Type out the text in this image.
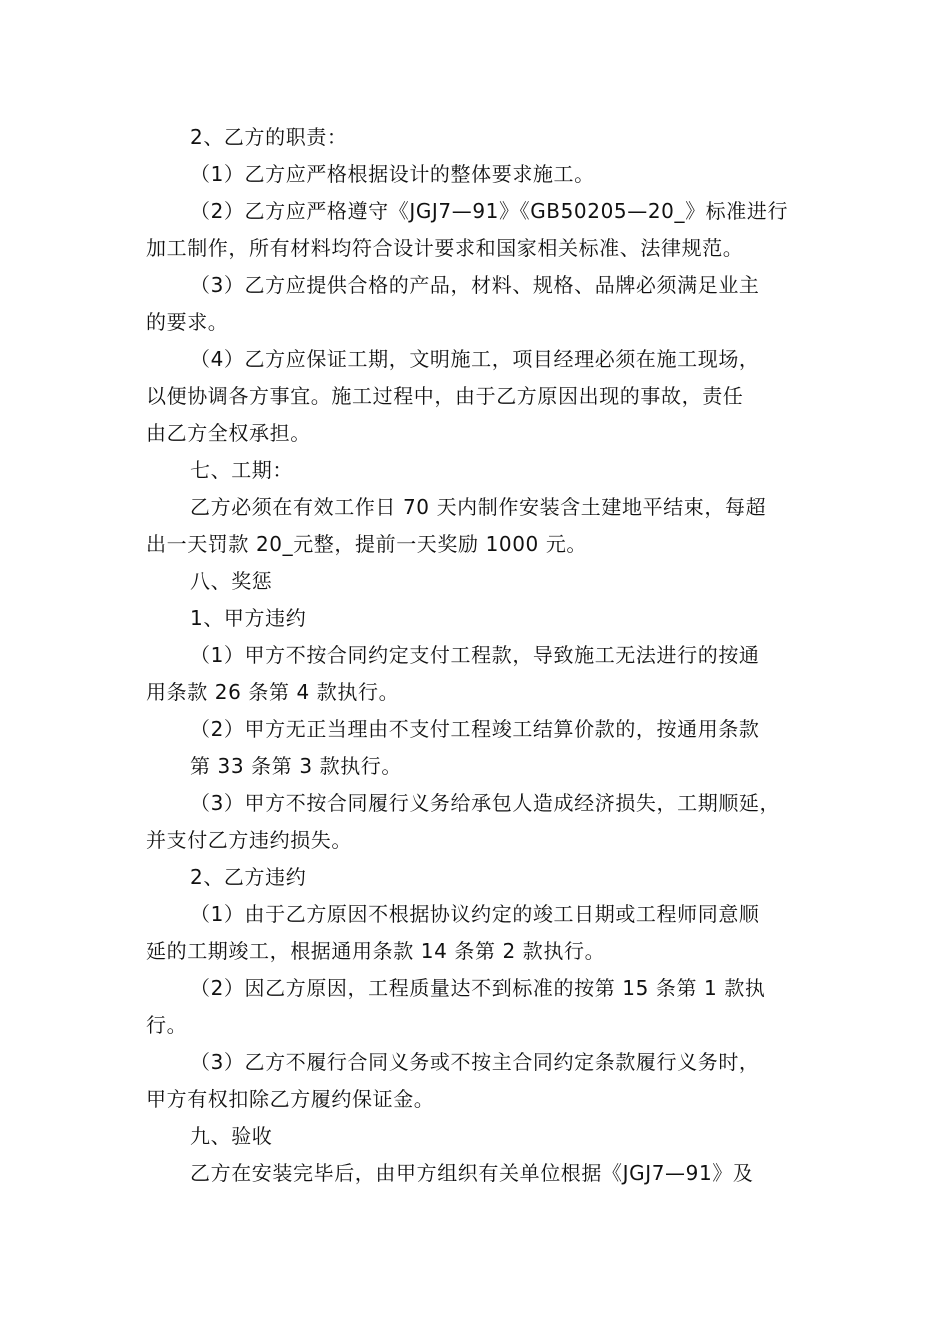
2、乙方的职责：
（1）乙方应严格根据设计的整体要求施工。
（2）乙方应严格遵守《JGJ7—91》《GB50205—20_》标准进行
加工制作，所有材料均符合设计要求和国家相关标准、法律规范。
（3）乙方应提供合格的产品，材料、规格、品牌必须满足业主
的要求。
（4）乙方应保证工期，文明施工，项目经理必须在施工现场，
以便协调各方事宜。施工过程中，由于乙方原因出现的事故，责任
由乙方全权承担。
七、工期：
乙方必须在有效工作日 70 天内制作安装含土建地平结束，每超
出一天罚款 20_元整，提前一天奖励 1000 元。
八、奖惩
1、甲方违约
（1）甲方不按合同约定支付工程款，导致施工无法进行的按通
用条款 26 条第 4 款执行。
（2）甲方无正当理由不支付工程竣工结算价款的，按通用条款
第 33 条第 3 款执行。
（3）甲方不按合同履行义务给承包人造成经济损失，工期顺延，
并支付乙方违约损失。
2、乙方违约
（1）由于乙方原因不根据协议约定的竣工日期或工程师同意顺
延的工期竣工，根据通用条款 14 条第 2 款执行。
（2）因乙方原因，工程质量达不到标准的按第 15 条第 1 款执
行。
（3）乙方不履行合同义务或不按主合同约定条款履行义务时，
甲方有权扣除乙方履约保证金。
九、验收
乙方在安装完毕后，由甲方组织有关单位根据《JGJ7—91》及
